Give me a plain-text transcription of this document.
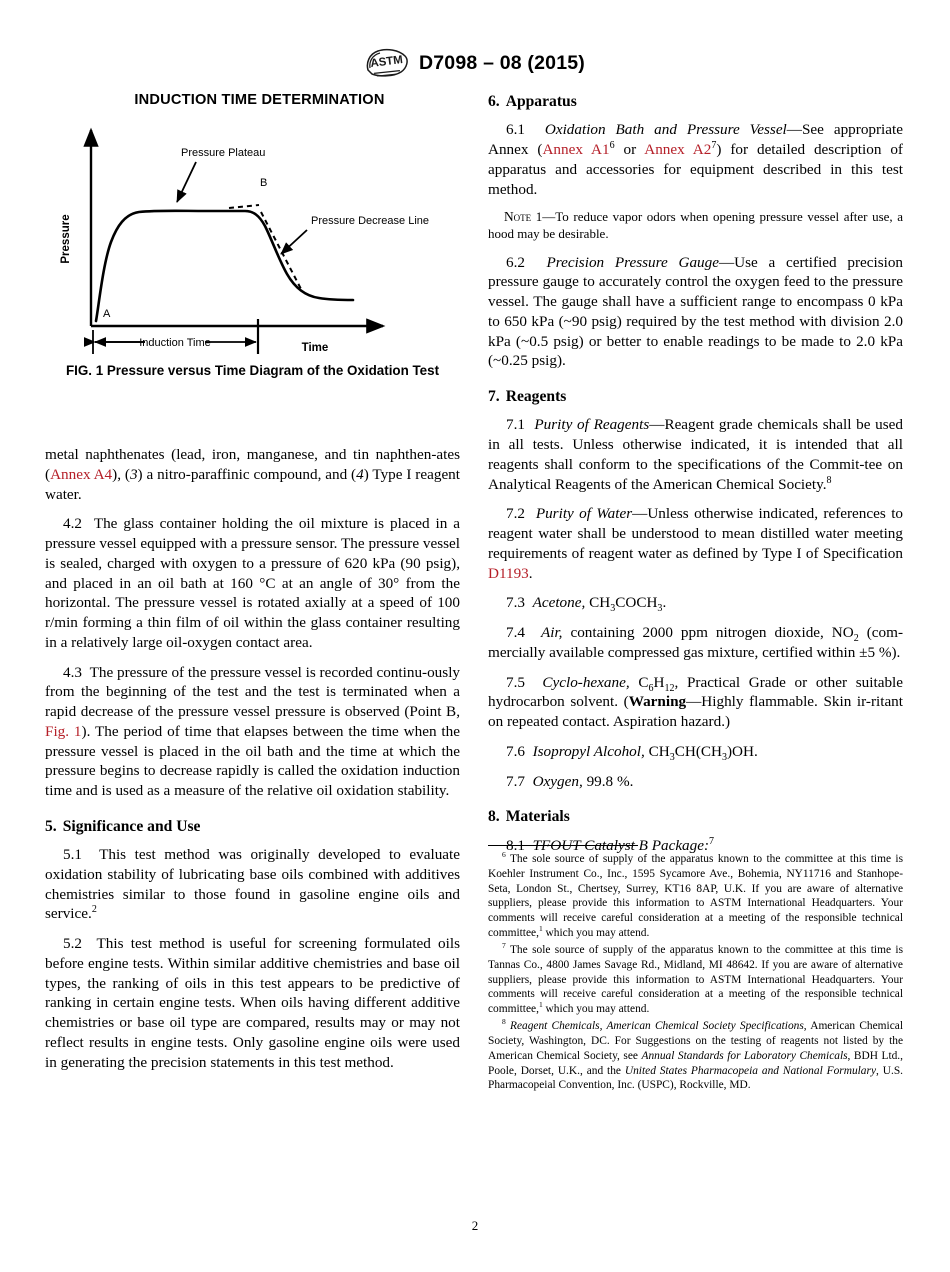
ASTM D7098 – 08 (2015)
INDUCTION TIME DETERMINATION
Pressure
Time
Pressure Plateau
B
Pressure Decrease Line
A
Induction Time
FIG. 1 Pressure versus Time Diagram of the Oxidation Test

metal naphthenates (lead, iron, manganese, and tin naphthen-ates (Annex A4), (3) a nitro-paraffinic compound, and (4) Type I reagent water.

4.2 The glass container holding the oil mixture is placed in a pressure vessel equipped with a pressure sensor. The pressure vessel is sealed, charged with oxygen to a pressure of 620 kPa (90 psig), and placed in an oil bath at 160 °C at an angle of 30° from the horizontal. The pressure vessel is rotated axially at a speed of 100 r/min forming a thin film of oil within the glass container resulting in a relatively large oil-oxygen contact area.

4.3 The pressure of the pressure vessel is recorded continu-ously from the beginning of the test and the test is terminated when a rapid decrease of the pressure vessel pressure is observed (Point B, Fig. 1). The period of time that elapses between the time when the pressure vessel is placed in the oil bath and the time at which the pressure begins to decrease rapidly is called the oxidation induction time and is used as a measure of the relative oil oxidation stability.

5. Significance and Use

5.1 This test method was originally developed to evaluate oxidation stability of lubricating base oils combined with additives chemistries similar to those found in gasoline engine oils and service.$^2$

5.2 This test method is useful for screening formulated oils before engine tests. Within similar additive chemistries and base oil types, the ranking of oils in this test appears to be predictive of ranking in certain engine tests. When oils having different additive chemistries or base oil type are compared, results may or may not reflect results in engine tests. Only gasoline engine oils were used in generating the precision statements in this test method.

6. Apparatus

6.1 Oxidation Bath and Pressure Vessel—See appropriate Annex (Annex $A1^6$ or Annex $A2^7$) for detailed description of apparatus and accessories for equipment described in this test method.

Note 1—To reduce vapor odors when opening pressure vessel after use, a hood may be desirable.

6.2 Precision Pressure Gauge—Use a certified precision pressure gauge to accurately control the oxygen feed to the pressure vessel. The gauge shall have a sufficient range to encompass 0 kPa to 650 kPa (~90 psig) required by the test method with division 2.0 kPa (~0.5 psig) or better to enable readings to be made to 2.0 kPa (~0.25 psig).

7. Reagents

7.1 Purity of Reagents—Reagent grade chemicals shall be used in all tests. Unless otherwise indicated, it is intended that all reagents shall conform to the specifications of the Commit-tee on Analytical Reagents of the American Chemical Society.$^8$

7.2 Purity of Water—Unless otherwise indicated, references to reagent water shall be understood to mean distilled water meeting requirements of reagent water as defined by Type I of Specification D1193.

7.3 Acetone, $CH_3COCH_3$.

7.4 Air, containing 2000 ppm nitrogen dioxide, $NO_2$ (com-mercially available compressed gas mixture, certified within ±5 %).

7.5 Cyclo-hexane, $C_6H_{12}$, Practical Grade or other suitable hydrocarbon solvent. (Warning—Highly flammable. Skin ir-ritant on repeated contact. Aspiration hazard.)

7.6 Isopropyl Alcohol, $CH_3CH(CH_3)OH$.

7.7 Oxygen, 99.8 %.

8. Materials

8.1 TFOUT Catalyst B Package:$^7$

$^6$ The sole source of supply of the apparatus known to the committee at this time is Koehler Instrument Co., Inc., 1595 Sycamore Ave., Bohemia, NY11716 and Stanhope-Seta, London St., Chertsey, Surrey, KT16 8AP, U.K. If you are aware of alternative suppliers, please provide this information to ASTM International Headquarters. Your comments will receive careful consideration at a meeting of the responsible technical committee,$^1$ which you may attend.

$^7$ The sole source of supply of the apparatus known to the committee at this time is Tannas Co., 4800 James Savage Rd., Midland, MI 48642. If you are aware of alternative suppliers, please provide this information to ASTM International Headquarters. Your comments will receive careful consideration at a meeting of the responsible technical committee,$^1$ which you may attend.

$^8$ Reagent Chemicals, American Chemical Society Specifications, American Chemical Society, Washington, DC. For Suggestions on the testing of reagents not listed by the American Chemical Society, see Annual Standards for Laboratory Chemicals, BDH Ltd., Poole, Dorset, U.K., and the United States Pharmacopeia and National Formulary, U.S. Pharmacopeial Convention, Inc. (USPC), Rockville, MD.

2
